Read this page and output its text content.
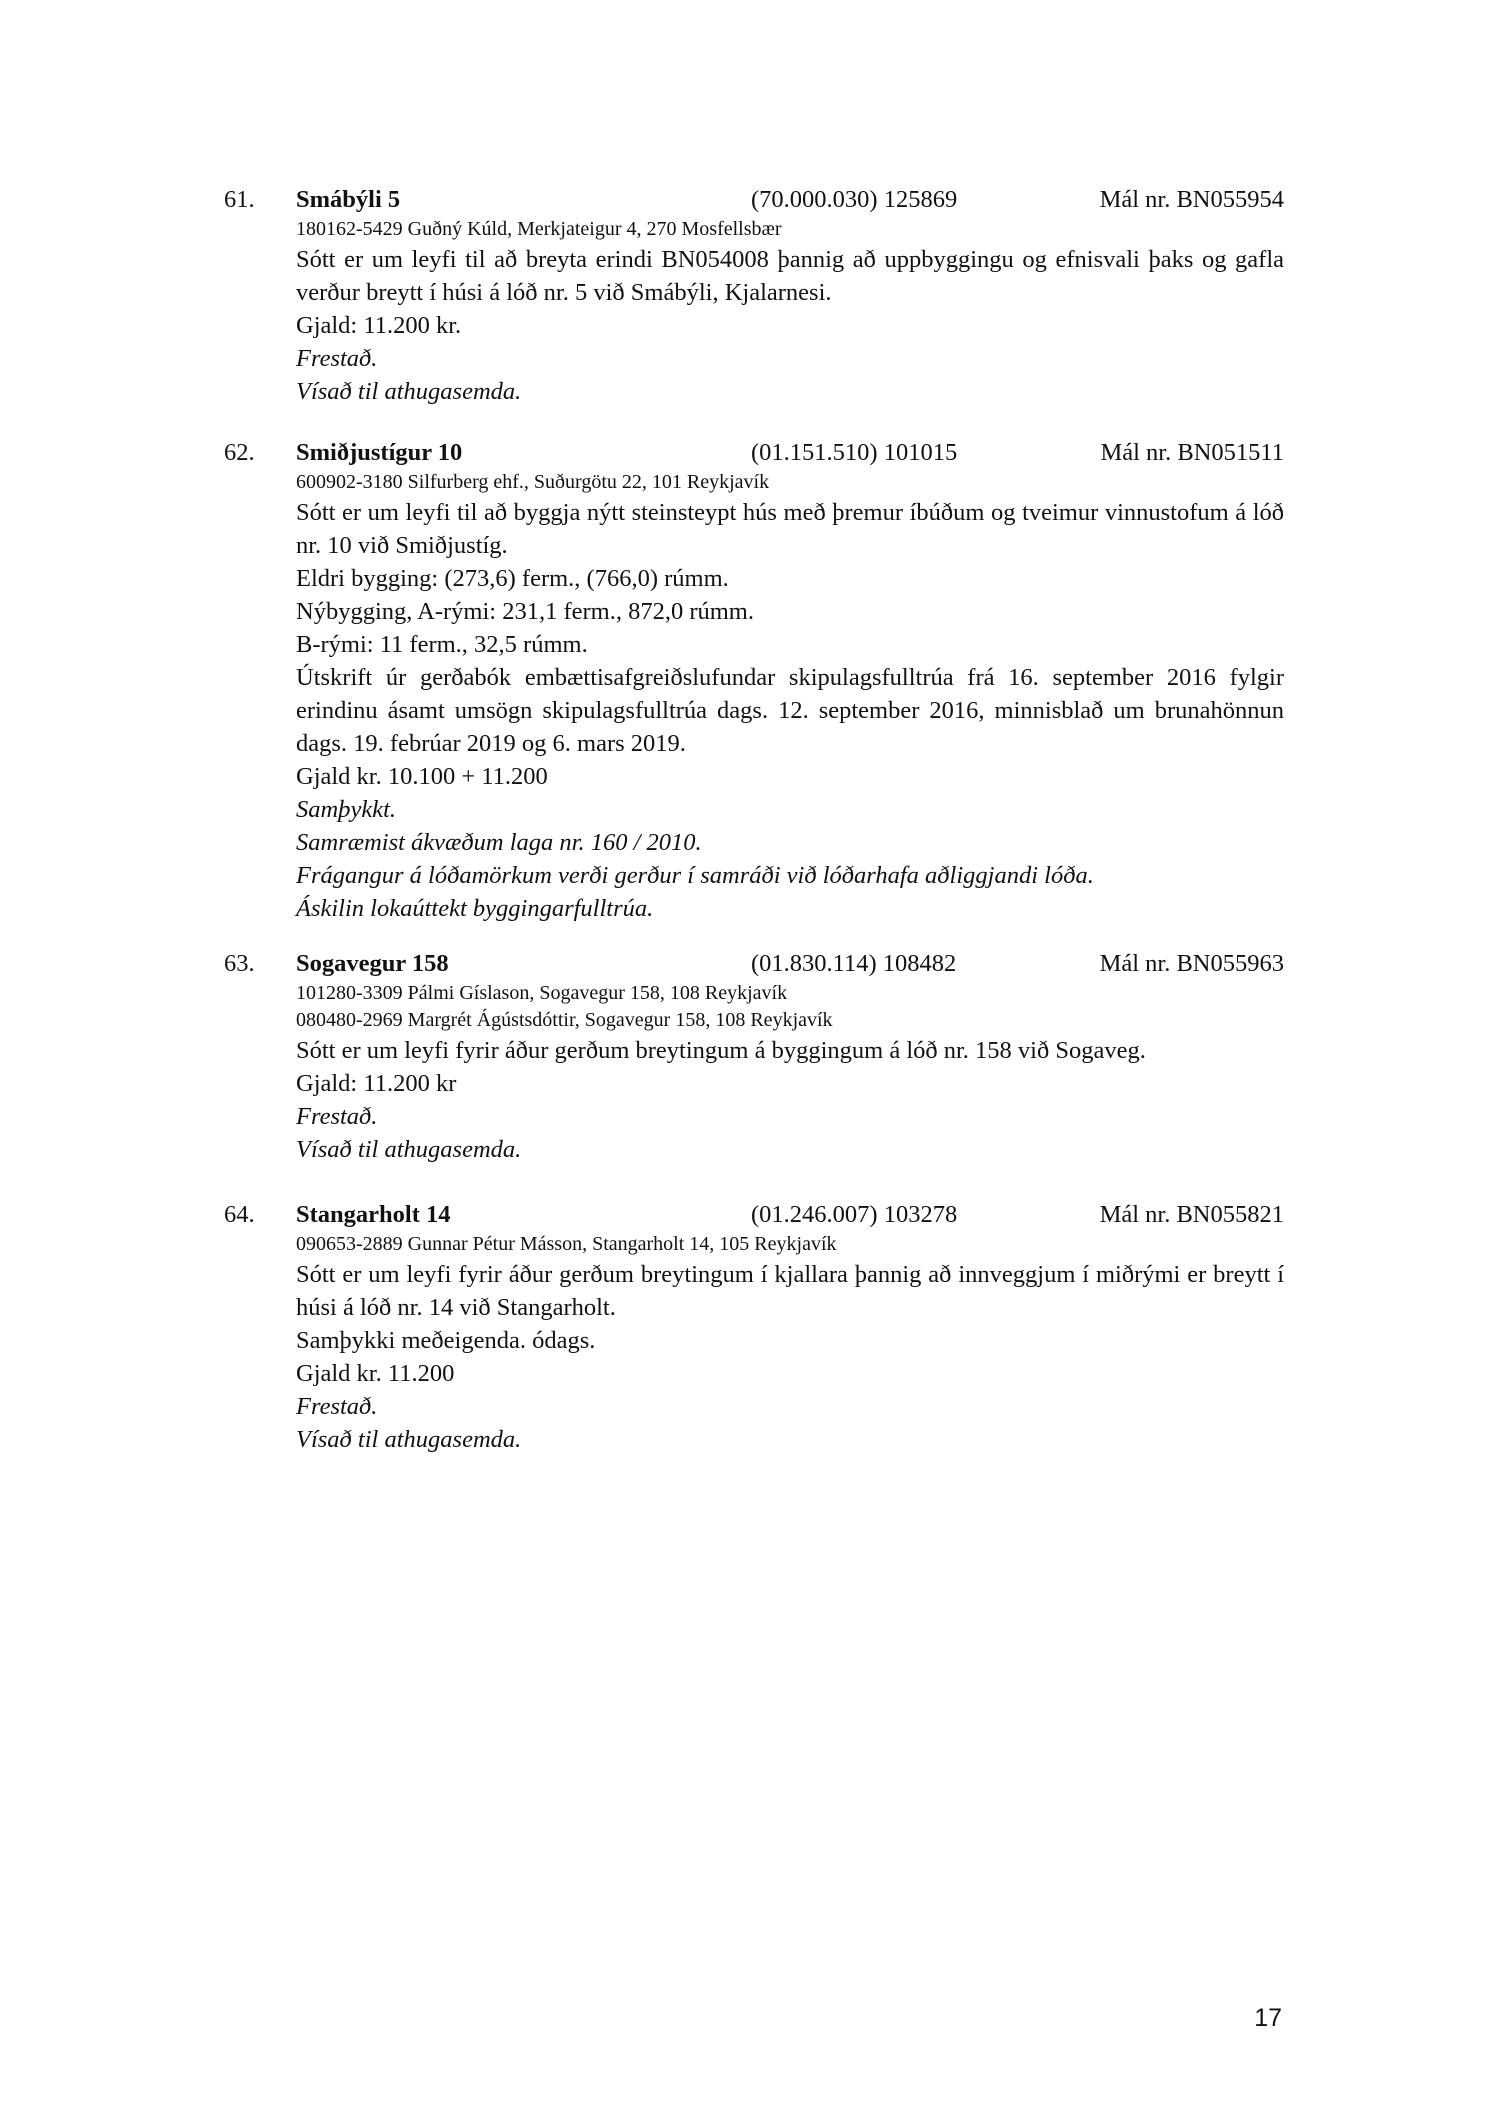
61. Smábýli 5	(70.000.030) 125869	Mál nr. BN055954
180162-5429 Guðný Kúld, Merkjateigur 4, 270 Mosfellsbær
Sótt er um leyfi til að breyta erindi BN054008 þannig að uppbyggingu og efnisvali þaks og gafla verður breytt í húsi á lóð nr. 5 við Smábýli, Kjalarnesi.
Gjald: 11.200 kr.
Frestað.
Vísað til athugasemda.
62. Smiðjustígur 10	(01.151.510) 101015	Mál nr. BN051511
600902-3180 Silfurberg ehf., Suðurgötu 22, 101 Reykjavík
Sótt er um leyfi til að byggja nýtt steinsteypt hús með þremur íbúðum og tveimur vinnustofum á lóð nr. 10 við Smiðjustíg.
Eldri bygging: (273,6) ferm., (766,0) rúmm.
Nýbygging, A-rými: 231,1 ferm., 872,0 rúmm.
B-rými: 11 ferm., 32,5 rúmm.
Útskrift úr gerðabók embættisafgreiðslufundar skipulagsfulltrúa frá 16. september 2016 fylgir erindinu ásamt umsögn skipulagsfulltrúa dags. 12. september 2016, minnisblað um brunahönnun dags. 19. febrúar 2019 og 6. mars 2019.
Gjald kr. 10.100 + 11.200
Samþykkt.
Samræmist ákvæðum laga nr. 160 / 2010.
Frágangur á lóðamörkum verði gerður í samráði við lóðarhafa aðliggjandi lóða.
Áskilin lokaúttekt byggingarfulltrúa.
63. Sogavegur 158	(01.830.114) 108482	Mál nr. BN055963
101280-3309 Pálmi Gíslason, Sogavegur 158, 108 Reykjavík
080480-2969 Margrét Ágústsdóttir, Sogavegur 158, 108 Reykjavík
Sótt er um leyfi fyrir áður gerðum breytingum á byggingum á lóð nr. 158 við Sogaveg.
Gjald: 11.200 kr
Frestað.
Vísað til athugasemda.
64. Stangarholt 14	(01.246.007) 103278	Mál nr. BN055821
090653-2889 Gunnar Pétur Másson, Stangarholt 14, 105 Reykjavík
Sótt er um leyfi fyrir áður gerðum breytingum í kjallara þannig að innveggjum í miðrými er breytt í húsi á lóð nr. 14 við Stangarholt.
Samþykki meðeigenda. ódags.
Gjald kr. 11.200
Frestað.
Vísað til athugasemda.
17
